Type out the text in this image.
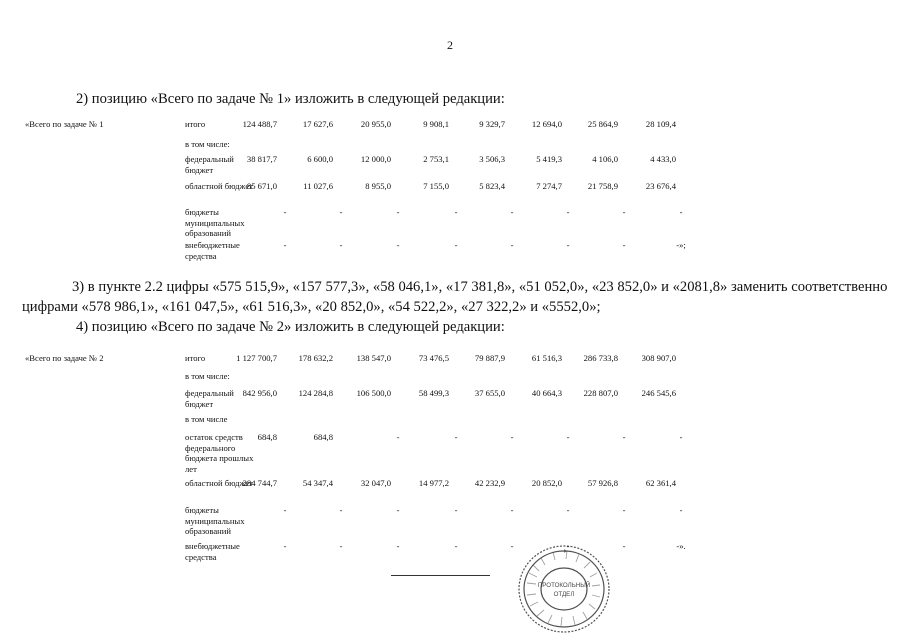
2
2) позицию «Всего по задаче № 1» изложить в следующей редакции:
«Всего по задаче № 1	итого	124 488,7	17 627,6	20 955,0	9 908,1	9 329,7	12 694,0	25 864,9	28 109,4
в том числе:
федеральный бюджет
38 817,7	6 600,0	12 000,0	2 753,1	3 506,3	5 419,3	4 106,0	4 433,0
областной бюджет
85 671,0	11 027,6	8 955,0	7 155,0	5 823,4	7 274,7	21 758,9	23 676,4
бюджеты муниципальных образований
-	-	-	-	-	-	-	-
внебюджетные средства
-	-	-	-	-	-	-	-»;
3) в пункте 2.2 цифры «575 515,9», «157 577,3», «58 046,1», «17 381,8», «51 052,0», «23 852,0» и «2081,8» заменить соответственно
цифрами «578 986,1», «161 047,5», «61 516,3», «20 852,0», «54 522,2», «27 322,2» и «5552,0»;
4) позицию «Всего по задаче № 2» изложить в следующей редакции:
«Всего по задаче № 2	итого	1 127 700,7	178 632,2	138 547,0	73 476,5	79 887,9	61 516,3	286 733,8	308 907,0
в том числе:
федеральный бюджет
842 956,0	124 284,8	106 500,0	58 499,3	37 655,0	40 664,3	228 807,0	246 545,6
в том числе
остаток средств федерального бюджета прошлых лет
684,8	684,8	-	-	-	-	-	-
областной бюджет
284 744,7	54 347,4	32 047,0	14 977,2	42 232,9	20 852,0	57 926,8	62 361,4
бюджеты муниципальных образований
-	-	-	-	-	-	-	-
внебюджетные средства
-	-	-	-	-	-	-	-».
ПРОТОКОЛЬНЫЙ
ОТДЕЛ
